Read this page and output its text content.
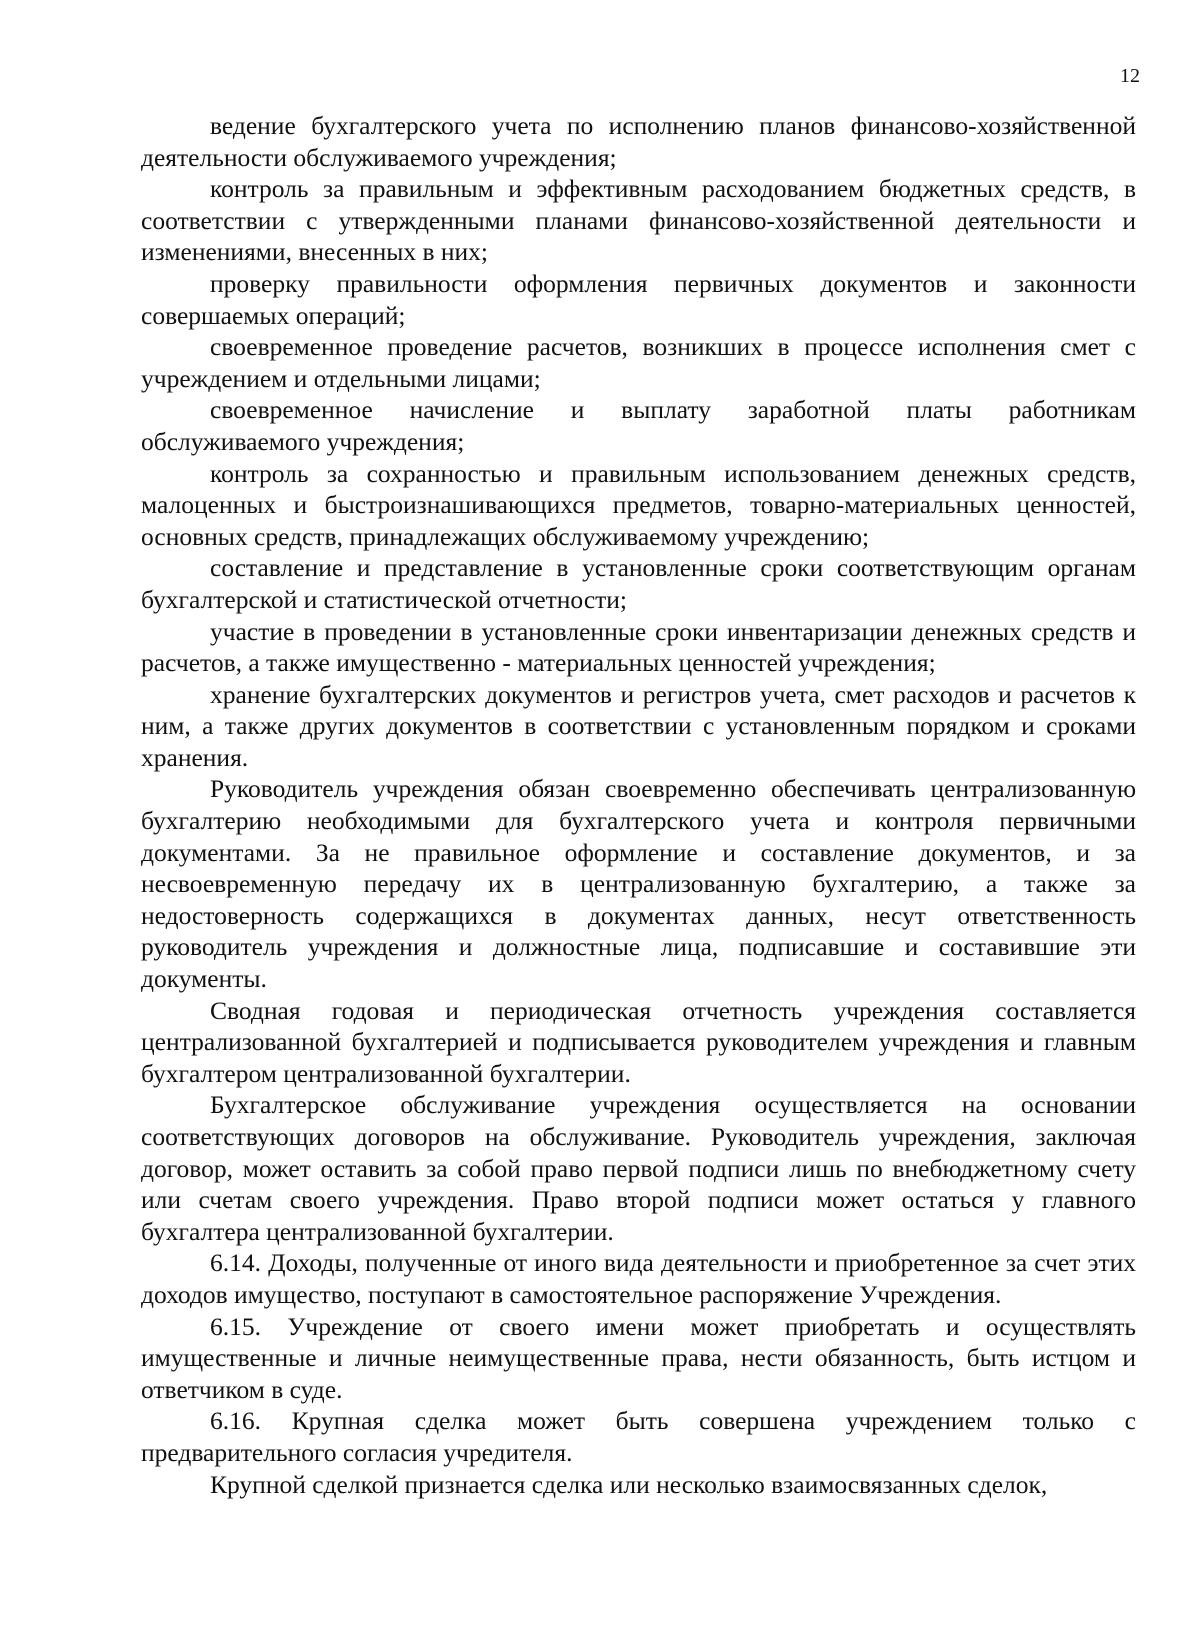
12

ведение бухгалтерского учета по исполнению планов финансово-хозяйственной деятельности обслуживаемого учреждения;

контроль за правильным и эффективным расходованием бюджетных средств, в соответствии с утвержденными планами финансово-хозяйственной деятельности и изменениями, внесенных в них;

проверку правильности оформления первичных документов и законности совершаемых операций;

своевременное проведение расчетов, возникших в процессе исполнения смет с учреждением и отдельными лицами;

своевременное начисление и выплату заработной платы работникам обслуживаемого учреждения;

контроль за сохранностью и правильным использованием денежных средств, малоценных и быстроизнашивающихся предметов, товарно-материальных ценностей, основных средств, принадлежащих обслуживаемому учреждению;

составление и представление в установленные сроки соответствующим органам бухгалтерской и статистической отчетности;

участие в проведении в установленные сроки инвентаризации денежных средств и расчетов, а также имущественно - материальных ценностей учреждения;

хранение бухгалтерских документов и регистров учета, смет расходов и расчетов к ним, а также других документов в соответствии с установленным порядком и сроками хранения.

Руководитель учреждения обязан своевременно обеспечивать централизованную бухгалтерию необходимыми для бухгалтерского учета и контроля первичными документами. За не правильное оформление и составление документов, и за несвоевременную передачу их в централизованную бухгалтерию, а также за недостоверность содержащихся в документах данных, несут ответственность руководитель учреждения и должностные лица, подписавшие и составившие эти документы.

Сводная годовая и периодическая отчетность учреждения составляется централизованной бухгалтерией и подписывается руководителем учреждения и главным бухгалтером централизованной бухгалтерии.

Бухгалтерское обслуживание учреждения осуществляется на основании соответствующих договоров на обслуживание. Руководитель учреждения, заключая договор, может оставить за собой право первой подписи лишь по внебюджетному счету или счетам своего учреждения. Право второй подписи может остаться у главного бухгалтера централизованной бухгалтерии.

6.14. Доходы, полученные от иного вида деятельности и приобретенное за счет этих доходов имущество, поступают в самостоятельное распоряжение Учреждения.

6.15. Учреждение от своего имени может приобретать и осуществлять имущественные и личные неимущественные права, нести обязанность, быть истцом и ответчиком в суде.

6.16. Крупная сделка может быть совершена учреждением только с предварительного согласия учредителя.

Крупной сделкой признается сделка или несколько взаимосвязанных сделок,
